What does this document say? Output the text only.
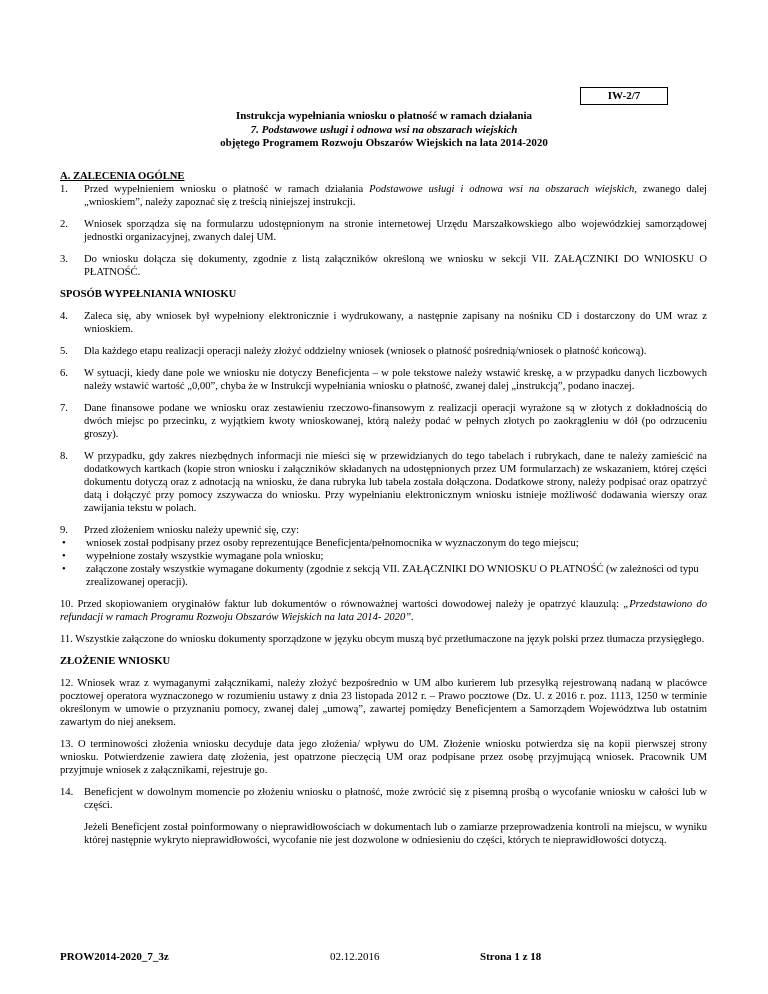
IW-2/7
Instrukcja wypełniania wniosku o płatność w ramach działania
7. Podstawowe usługi i odnowa wsi na obszarach wiejskich
objętego Programem Rozwoju Obszarów Wiejskich na lata 2014-2020
A. ZALECENIA OGÓLNE
1.	Przed wypełnieniem wniosku o płatność w ramach działania Podstawowe usługi i odnowa wsi na obszarach wiejskich, zwanego dalej „wnioskiem”, należy zapoznać się z treścią niniejszej instrukcji.
2.	Wniosek sporządza się na formularzu udostępnionym na stronie internetowej Urzędu Marszałkowskiego albo wojewódzkiej samorządowej jednostki organizacyjnej, zwanych dalej UM.
3.	Do wniosku dołącza się dokumenty, zgodnie z listą załączników określoną we wniosku w sekcji VII. ZAŁĄCZNIKI DO WNIOSKU O PŁATNOŚĆ.
SPOSÓB WYPEŁNIANIA WNIOSKU
4.	Zaleca się, aby wniosek był wypełniony elektronicznie i wydrukowany, a następnie zapisany na nośniku CD i dostarczony do UM wraz z wnioskiem.
5.	Dla każdego etapu realizacji operacji należy złożyć oddzielny wniosek (wniosek o płatność pośrednią/wniosek o płatność końcową).
6.	W sytuacji, kiedy dane pole we wniosku nie dotyczy Beneficjenta – w pole tekstowe należy wstawić kreskę, a w przypadku danych liczbowych należy wstawić wartość „0,00”, chyba że w Instrukcji wypełniania wniosku o płatność, zwanej dalej „instrukcją”, podano inaczej.
7.	Dane finansowe podane we wniosku oraz zestawieniu rzeczowo-finansowym z realizacji operacji wyrażone są w złotych z dokładnością do dwóch miejsc po przecinku, z wyjątkiem kwoty wnioskowanej, którą należy podać w pełnych złotych po zaokrągleniu w dół (po odrzuceniu groszy).
8.	W przypadku, gdy zakres niezbędnych informacji nie mieści się w przewidzianych do tego tabelach i rubrykach, dane te należy zamieścić na dodatkowych kartkach (kopie stron wniosku i załączników składanych na udostępnionych przez UM formularzach) ze wskazaniem, której części dokumentu dotyczą oraz z adnotacją na wniosku, że dana rubryka lub tabela została dołączona. Dodatkowe strony, należy podpisać oraz opatrzyć datą i dołączyć przy pomocy zszywacza do wniosku. Przy wypełnianiu elektronicznym wniosku istnieje możliwość dodawania wierszy oraz zawijania tekstu w polach.
9.	Przed złożeniem wniosku należy upewnić się, czy:
•	wniosek został podpisany przez osoby reprezentujące Beneficjenta/pełnomocnika w wyznaczonym do tego miejscu;
•	wypełnione zostały wszystkie wymagane pola wniosku;
•	załączone zostały wszystkie wymagane dokumenty (zgodnie z sekcją VII. ZAŁĄCZNIKI DO WNIOSKU O PŁATNOŚĆ (w zależności od typu zrealizowanej operacji).
10. Przed skopiowaniem oryginałów faktur lub dokumentów o równoważnej wartości dowodowej należy je opatrzyć klauzulą: „Przedstawiono do refundacji w ramach Programu Rozwoju Obszarów Wiejskich na lata 2014- 2020”.
11. Wszystkie załączone do wniosku dokumenty sporządzone w języku obcym muszą być przetłumaczone na język polski przez tłumacza przysięgłego.
ZŁOŻENIE WNIOSKU
12. Wniosek wraz z wymaganymi załącznikami, należy złożyć bezpośrednio w UM albo kurierem lub przesyłką rejestrowaną nadaną w placówce pocztowej operatora wyznaczonego w rozumieniu ustawy z dnia 23 listopada 2012 r. – Prawo pocztowe (Dz. U. z 2016 r. poz. 1113, 1250 w terminie określonym w umowie o przyznaniu pomocy, zwanej dalej „umową”, zawartej pomiędzy Beneficjentem a Samorządem Województwa lub ostatnim zawartym do niej aneksem.
13. O terminowości złożenia wniosku decyduje data jego złożenia/ wpływu do UM. Złożenie wniosku potwierdza się na kopii pierwszej strony wniosku. Potwierdzenie zawiera datę złożenia, jest opatrzone pieczęcią UM oraz podpisane przez osobę przyjmującą wniosek. Pracownik UM przyjmuje wniosek z załącznikami, rejestruje go.
14.	Beneficjent w dowolnym momencie po złożeniu wniosku o płatność, może zwrócić się z pisemną prośbą o wycofanie wniosku w całości lub w części.
Jeżeli Beneficjent został poinformowany o nieprawidłowościach w dokumentach lub o zamiarze przeprowadzenia kontroli na miejscu, w wyniku której następnie wykryto nieprawidłowości, wycofanie nie jest dozwolone w odniesieniu do części, których te nieprawidłowości dotyczą.
PROW2014-2020_7_3z	02.12.2016	Strona 1 z 18
